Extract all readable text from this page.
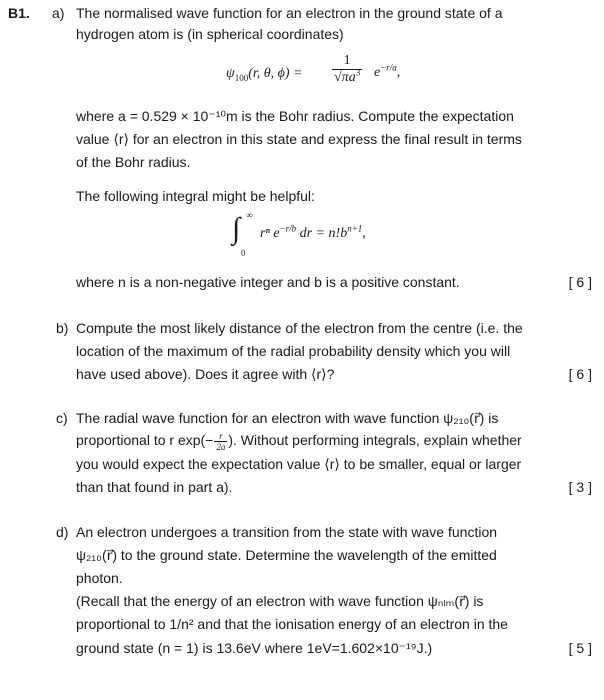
B1. a) The normalised wave function for an electron in the ground state of a
hydrogen atom is (in spherical coordinates)
$\psi_{100}(r$, θ, $\phi) = \frac{1}{√\pi a^3} e^{-r/a}$,
where a = 0.529 × 10⁻¹⁰m is the Bohr radius. Compute the expectation
value ⟨r⟩ for an electron in this state and express the final result in terms
of the Bohr radius.
The following integral might be helpful:
∫ ∞
0
rⁿ $e^{-r/b}$ dr = $n!b^{n+1}$,
where n is a non-negative integer and b is a positive constant.	[ 6 ]
b) Compute the most likely distance of the electron from the centre (i.e. the
location of the maximum of the radial probability density which you will
have used above). Does it agree with ⟨r⟩?	[ 6 ]
c) The radial wave function for an electron with wave function ψ₂₁₀(r⃗) is
proportional to r $\exp(- \frac{r}{2a}$ ). Without performing integrals, explain whether
you would expect the expectation value ⟨r⟩ to be smaller, equal or larger
than that found in part a).	[ 3 ]
d) An electron undergoes a transition from the state with wave function
ψ₂₁₀(r⃗) to the ground state. Determine the wavelength of the emitted
photon.
(Recall that the energy of an electron with wave function ψₙₗₘ(r⃗) is
proportional to 1/n² and that the ionisation energy of an electron in the
ground state (n = 1) is 13.6eV where 1eV=1.602×10⁻¹⁹J.)	[ 5 ]
